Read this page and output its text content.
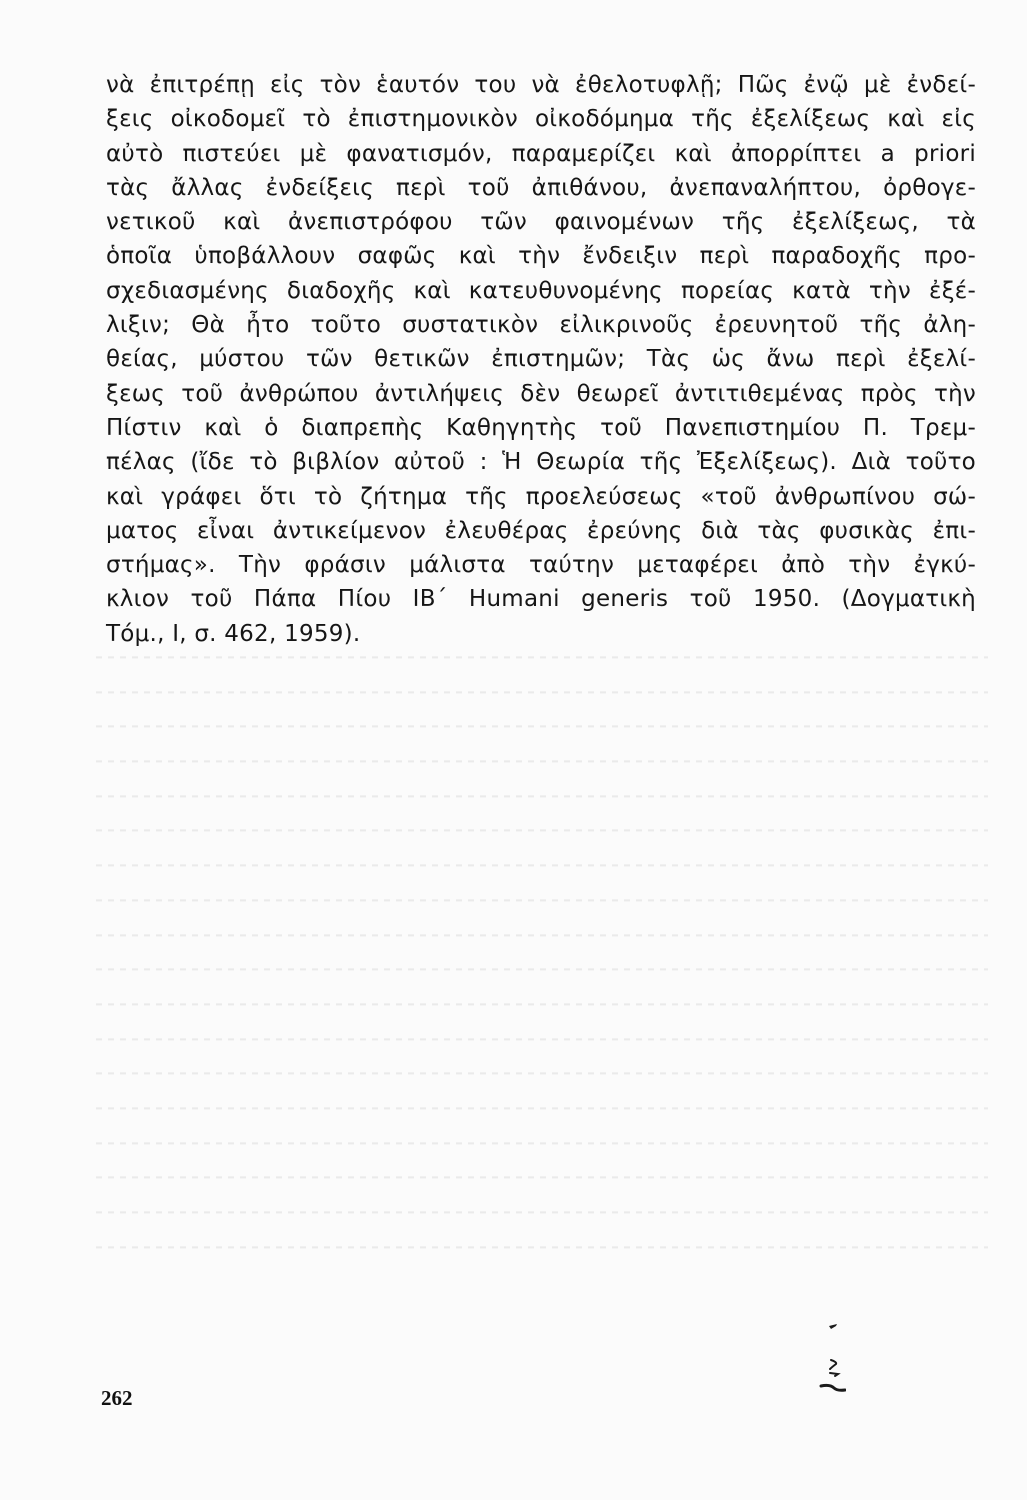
νὰ ἐπιτρέπῃ εἰς τὸν ἑαυτόν του νὰ ἐθελοτυφλῇ; Πῶς ἐνῷ μὲ ἐνδεί-
ξεις οἰκοδομεῖ τὸ ἐπιστημονικὸν οἰκοδόμημα τῆς ἐξελίξεως καὶ εἰς
αὐτὸ πιστεύει μὲ φανατισμόν, παραμερίζει καὶ ἀπορρίπτει a priori
τὰς ἄλλας ἐνδείξεις περὶ τοῦ ἀπιθάνου, ἀνεπαναλήπτου, ὀρθογε-
νετικοῦ καὶ ἀνεπιστρόφου τῶν φαινομένων τῆς ἐξελίξεως, τὰ
ὁποῖα ὑποβάλλουν σαφῶς καὶ τὴν ἔνδειξιν περὶ παραδοχῆς προ-
σχεδιασμένης διαδοχῆς καὶ κατευθυνομένης πορείας κατὰ τὴν ἐξέ-
λιξιν; Θὰ ἦτο τοῦτο συστατικὸν εἰλικρινοῦς ἐρευνητοῦ τῆς ἀλη-
θείας, μύστου τῶν θετικῶν ἐπιστημῶν; Τὰς ὡς ἄνω περὶ ἐξελί-
ξεως τοῦ ἀνθρώπου ἀντιλήψεις δὲν θεωρεῖ ἀντιτιθεμένας πρὸς τὴν
Πίστιν καὶ ὁ διαπρεπὴς Καθηγητὴς τοῦ Πανεπιστημίου Π. Τρεμ-
πέλας (ἴδε τὸ βιβλίον αὐτοῦ : Ἡ Θεωρία τῆς Ἐξελίξεως). Διὰ τοῦτο
καὶ γράφει ὅτι τὸ ζήτημα τῆς προελεύσεως «τοῦ ἀνθρωπίνου σώ-
ματος εἶναι ἀντικείμενον ἐλευθέρας ἐρεύνης διὰ τὰς φυσικὰς ἐπι-
στήμας». Τὴν φράσιν μάλιστα ταύτην μεταφέρει ἀπὸ τὴν ἐγκύ-
κλιον τοῦ Πάπα Πίου ΙΒ΄ Humani generis τοῦ 1950. (Δογματικὴ
Τόμ., Ι, σ. 462, 1959).
262
